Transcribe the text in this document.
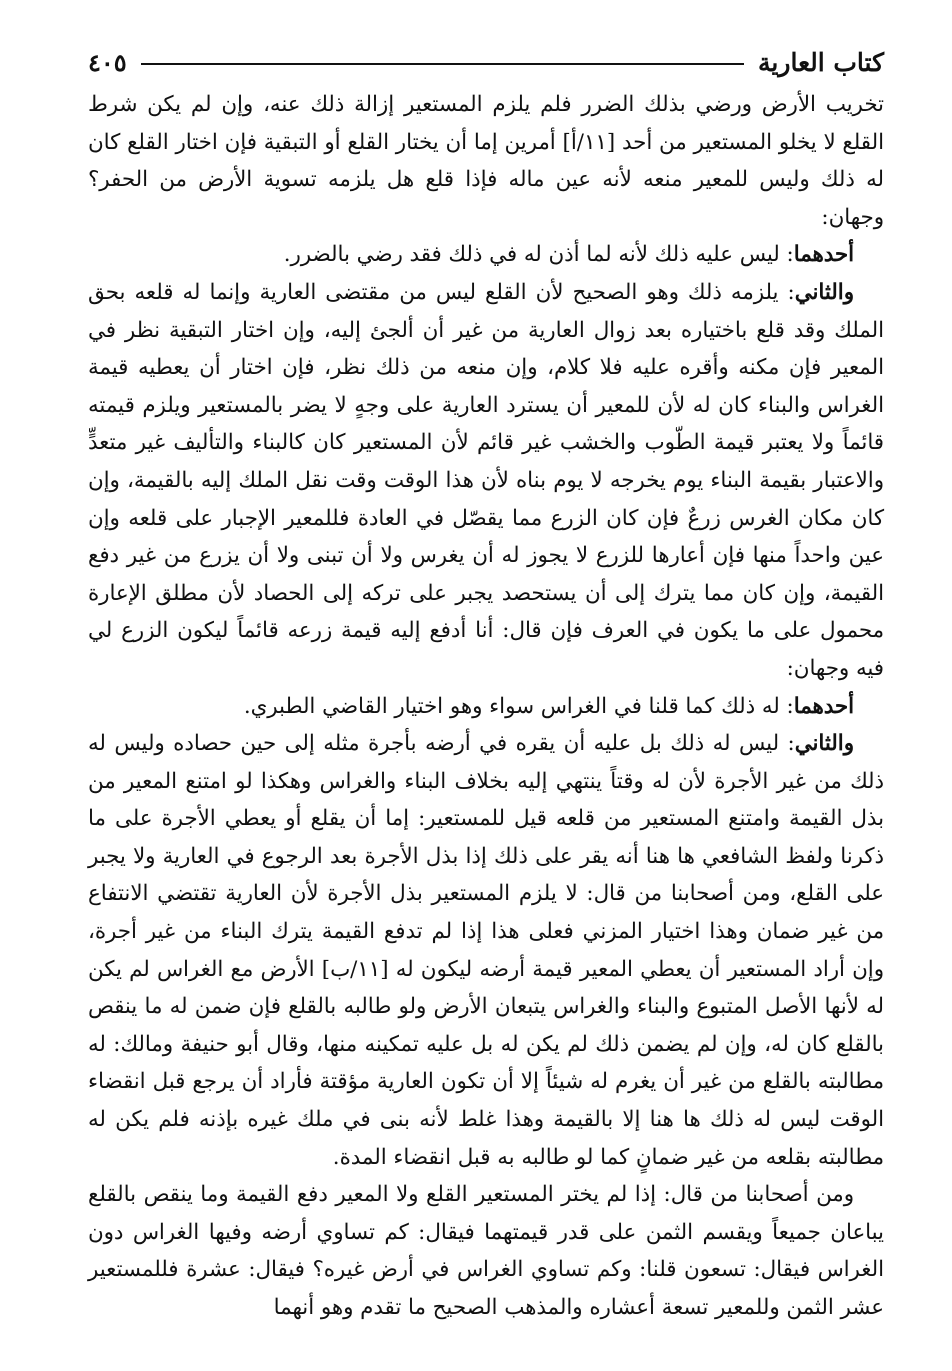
كتاب العارية
٤٠٥

تخريب الأرض ورضي بذلك الضرر فلم يلزم المستعير إزالة ذلك عنه، وإن لم يكن شرط القلع لا يخلو المستعير من أحد [١١/أ] أمرين إما أن يختار القلع أو التبقية فإن اختار القلع كان له ذلك وليس للمعير منعه لأنه عين ماله فإذا قلع هل يلزمه تسوية الأرض من الحفر؟ وجهان:

أحدهما: ليس عليه ذلك لأنه لما أذن له في ذلك فقد رضي بالضرر.

والثاني: يلزمه ذلك وهو الصحيح لأن القلع ليس من مقتضى العارية وإنما له قلعه بحق الملك وقد قلع باختياره بعد زوال العارية من غير أن ألجئ إليه، وإن اختار التبقية نظر في المعير فإن مكنه وأقره عليه فلا كلام، وإن منعه من ذلك نظر، فإن اختار أن يعطيه قيمة الغراس والبناء كان له لأن للمعير أن يسترد العارية على وجهٍ لا يضر بالمستعير ويلزم قيمته قائماً ولا يعتبر قيمة الطّوب والخشب غير قائم لأن المستعير كان كالبناء والتأليف غير متعدٍّ والاعتبار بقيمة البناء يوم يخرجه لا يوم بناه لأن هذا الوقت وقت نقل الملك إليه بالقيمة، وإن كان مكان الغرس زرعٌ فإن كان الزرع مما يقصّل في العادة فللمعير الإجبار على قلعه وإن عين واحداً منها فإن أعارها للزرع لا يجوز له أن يغرس ولا أن تبنى ولا أن يزرع من غير دفع القيمة، وإن كان مما يترك إلى أن يستحصد يجبر على تركه إلى الحصاد لأن مطلق الإعارة محمول على ما يكون في العرف فإن قال: أنا أدفع إليه قيمة زرعه قائماً ليكون الزرع لي فيه وجهان:

أحدهما: له ذلك كما قلنا في الغراس سواء وهو اختيار القاضي الطبري.

والثاني: ليس له ذلك بل عليه أن يقره في أرضه بأجرة مثله إلى حين حصاده وليس له ذلك من غير الأجرة لأن له وقتاً ينتهي إليه بخلاف البناء والغراس وهكذا لو امتنع المعير من بذل القيمة وامتنع المستعير من قلعه قيل للمستعير: إما أن يقلع أو يعطي الأجرة على ما ذكرنا ولفظ الشافعي ها هنا أنه يقر على ذلك إذا بذل الأجرة بعد الرجوع في العارية ولا يجبر على القلع، ومن أصحابنا من قال: لا يلزم المستعير بذل الأجرة لأن العارية تقتضي الانتفاع من غير ضمان وهذا اختيار المزني فعلى هذا إذا لم تدفع القيمة يترك البناء من غير أجرة، وإن أراد المستعير أن يعطي المعير قيمة أرضه ليكون له [١١/ب] الأرض مع الغراس لم يكن له لأنها الأصل المتبوع والبناء والغراس يتبعان الأرض ولو طالبه بالقلع فإن ضمن له ما ينقص بالقلع كان له، وإن لم يضمن ذلك لم يكن له بل عليه تمكينه منها، وقال أبو حنيفة ومالك: له مطالبته بالقلع من غير أن يغرم له شيئاً إلا أن تكون العارية مؤقتة فأراد أن يرجع قبل انقضاء الوقت ليس له ذلك ها هنا إلا بالقيمة وهذا غلط لأنه بنى في ملك غيره بإذنه فلم يكن له مطالبته بقلعه من غير ضمانٍ كما لو طالبه به قبل انقضاء المدة.

ومن أصحابنا من قال: إذا لم يختر المستعير القلع ولا المعير دفع القيمة وما ينقص بالقلع يباعان جميعاً ويقسم الثمن على قدر قيمتهما فيقال: كم تساوي أرضه وفيها الغراس دون الغراس فيقال: تسعون قلنا: وكم تساوي الغراس في أرض غيره؟ فيقال: عشرة فللمستعير عشر الثمن وللمعير تسعة أعشاره والمذهب الصحيح ما تقدم وهو أنهما
